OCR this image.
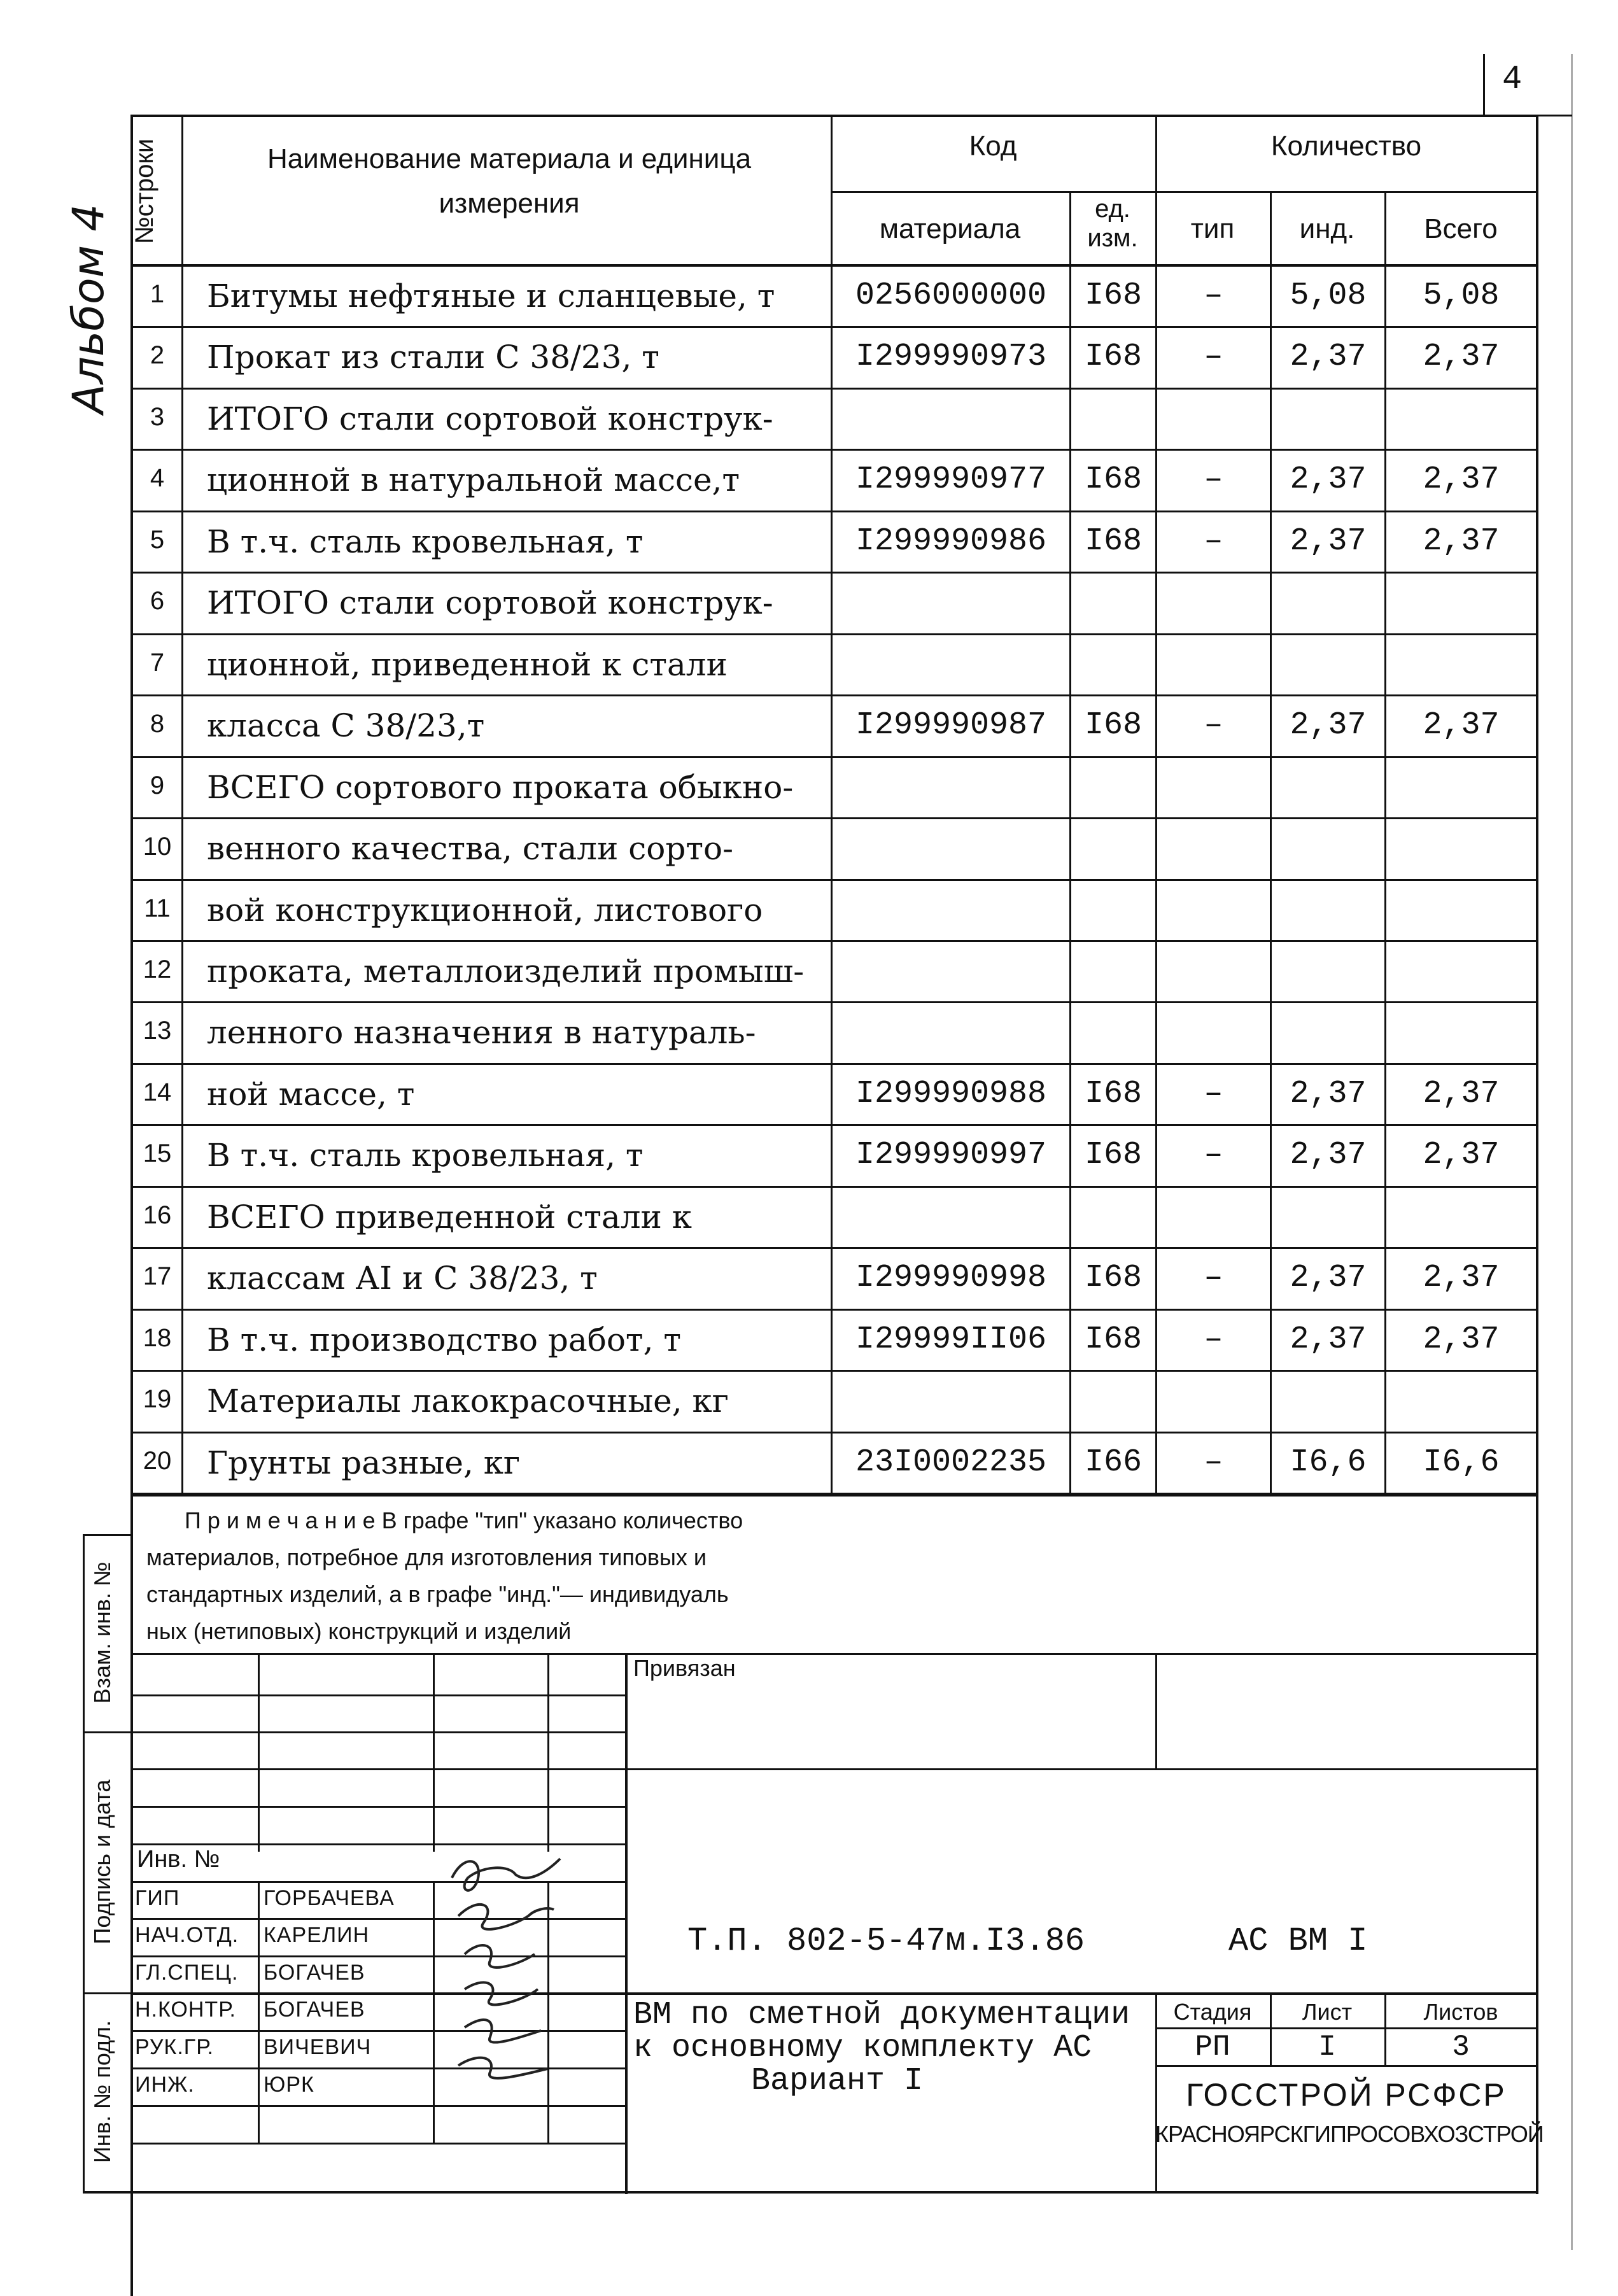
4
Альбом 4
№строки	Наименование материала и единица измерения
Код
материала
ед. изм.
Количество
тип	инд.	Всего
1	Битумы нефтяные и сланцевые, т	0256000000	I68	–	5,08	5,08
2	Прокат из стали С 38/23, т	I299990973	I68	–	2,37	2,37
3	ИТОГО стали сортовой конструк-
4	ционной в натуральной массе,т	I299990977	I68	–	2,37	2,37
5	В т.ч. сталь кровельная, т	I299990986	I68	–	2,37	2,37
6	ИТОГО стали сортовой конструк-
7	ционной, приведенной к стали
8	класса С 38/23,т	I299990987	I68	–	2,37	2,37
9	ВСЕГО сортового проката обыкно-
10	венного качества, стали сорто-
11	вой конструкционной, листового
12	проката, металлоизделий промыш-
13	ленного назначения в натураль-
14	ной массе, т	I299990988	I68	–	2,37	2,37
15	В т.ч. сталь кровельная, т	I299990997	I68	–	2,37	2,37
16	ВСЕГО приведенной стали к
17	классам АI и С 38/23, т	I299990998	I68	–	2,37	2,37
18	В т.ч. производство работ, т	I29999II06	I68	–	2,37	2,37
19	Материалы лакокрасочные, кг
20	Грунты разные, кг	23I0002235	I66	–	I6,6	I6,6
П р и м е ч а н и е В графе "тип" указано количество
материалов, потребное для изготовления типовых и
стандартных изделий, а в графе "инд."— индивидуаль
ных (нетиповых) конструкций и изделий
Взам. инв. №
Подпись и дата
Инв. № подл.
Привязан
Инв. №
ГИП	ГОРБАЧЕВА
НАЧ.ОТД. КАРЕЛИН
ГЛ.СПЕЦ. БОГАЧЕВ
Н.КОНТР. БОГАЧЕВ
РУК.ГР. ВИЧЕВИЧ
ИНЖ.	ЮРК
Т.П. 802-5-47м.I3.86	АС ВМ I
ВМ по сметной документации
к основному комплекту АС
Вариант I
Стадия	Лист	Листов
РП	I	3
ГОССТРОЙ РСФСР
КРАСНОЯРСКГИПРОСОВХОЗСТРОЙ
